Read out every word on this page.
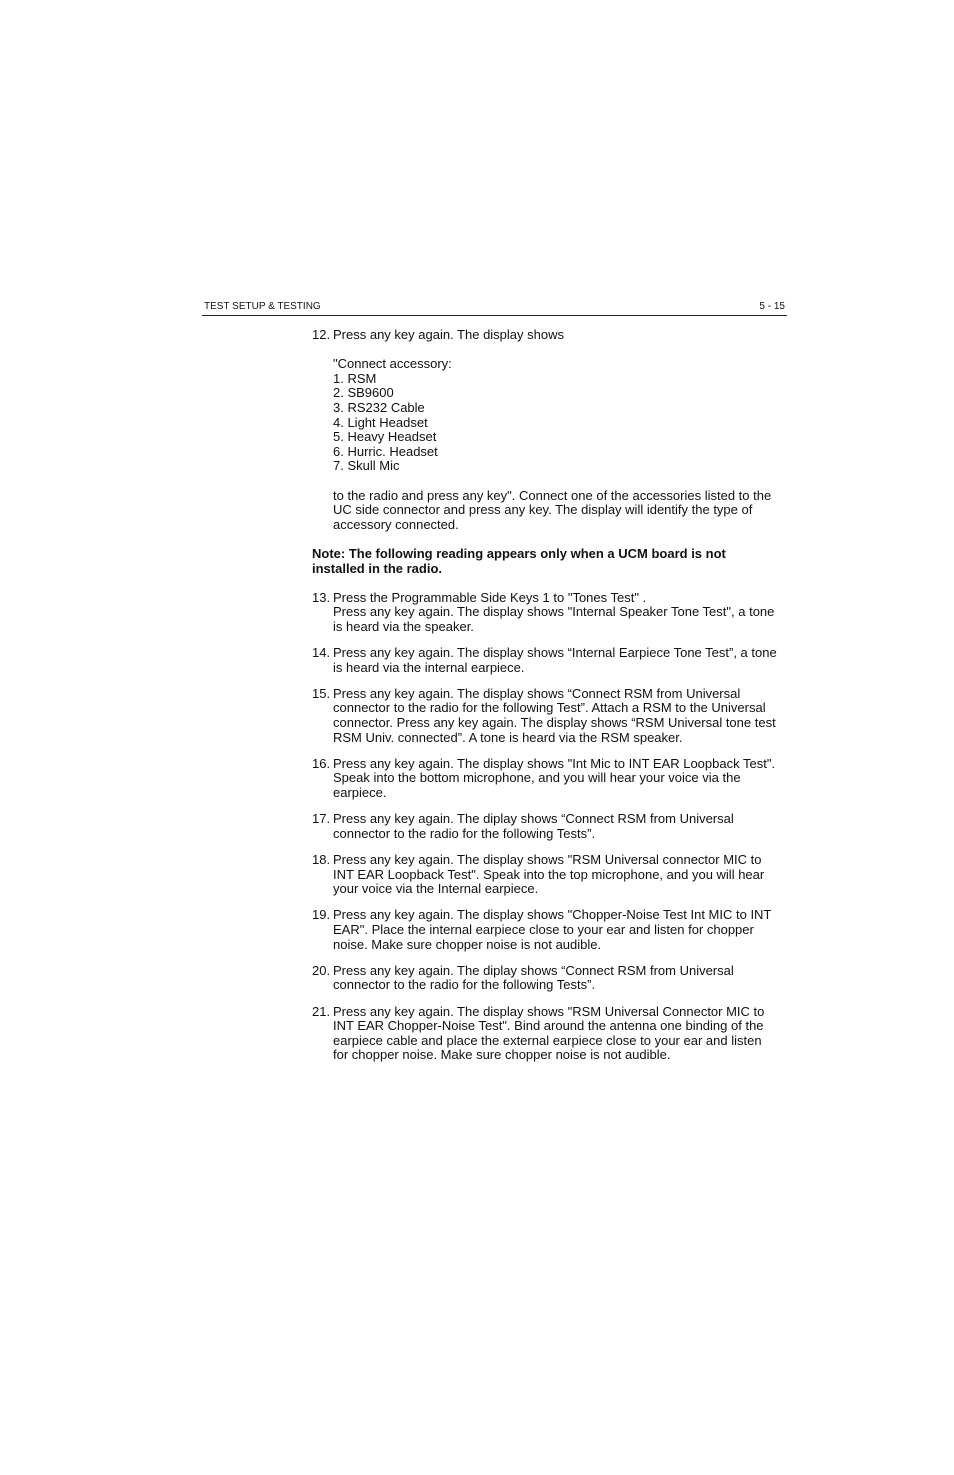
TEST SETUP & TESTING	5 - 15
12. Press any key again. The display shows
"Connect accessory:
1. RSM
2. SB9600
3. RS232 Cable
4. Light Headset
5. Heavy Headset
6. Hurric. Headset
7. Skull Mic
to the radio and press any key". Connect one of the accessories listed to the
UC side connector and press any key. The display will identify the type of
accessory connected.
Note: The following reading appears only when a UCM board is not
installed in the radio.
13. Press the Programmable Side Keys 1 to "Tones Test" .
Press any key again. The display shows "Internal Speaker Tone Test", a tone
is heard via the speaker.
14. Press any key again. The display shows “Internal Earpiece Tone Test”, a tone
is heard via the internal earpiece.
15. Press any key again. The display shows “Connect RSM from Universal
connector to the radio for the following Test”. Attach a RSM to the Universal
connector. Press any key again. The display shows “RSM Universal tone test
RSM Univ. connected”. A tone is heard via the RSM speaker.
16. Press any key again. The display shows "Int Mic to INT EAR Loopback Test".
Speak into the bottom microphone, and you will hear your voice via the
earpiece.
17. Press any key again. The diplay shows “Connect RSM from Universal
connector to the radio for the following Tests”.
18. Press any key again. The display shows "RSM Universal connector MIC to
INT EAR Loopback Test". Speak into the top microphone, and you will hear
your voice via the Internal earpiece.
19. Press any key again. The display shows "Chopper-Noise Test Int MIC to INT
EAR". Place the internal earpiece close to your ear and listen for chopper
noise. Make sure chopper noise is not audible.
20. Press any key again. The diplay shows “Connect RSM from Universal
connector to the radio for the following Tests”.
21. Press any key again. The display shows "RSM Universal Connector MIC to
INT EAR Chopper-Noise Test". Bind around the antenna one binding of the
earpiece cable and place the external earpiece close to your ear and listen
for chopper noise. Make sure chopper noise is not audible.
